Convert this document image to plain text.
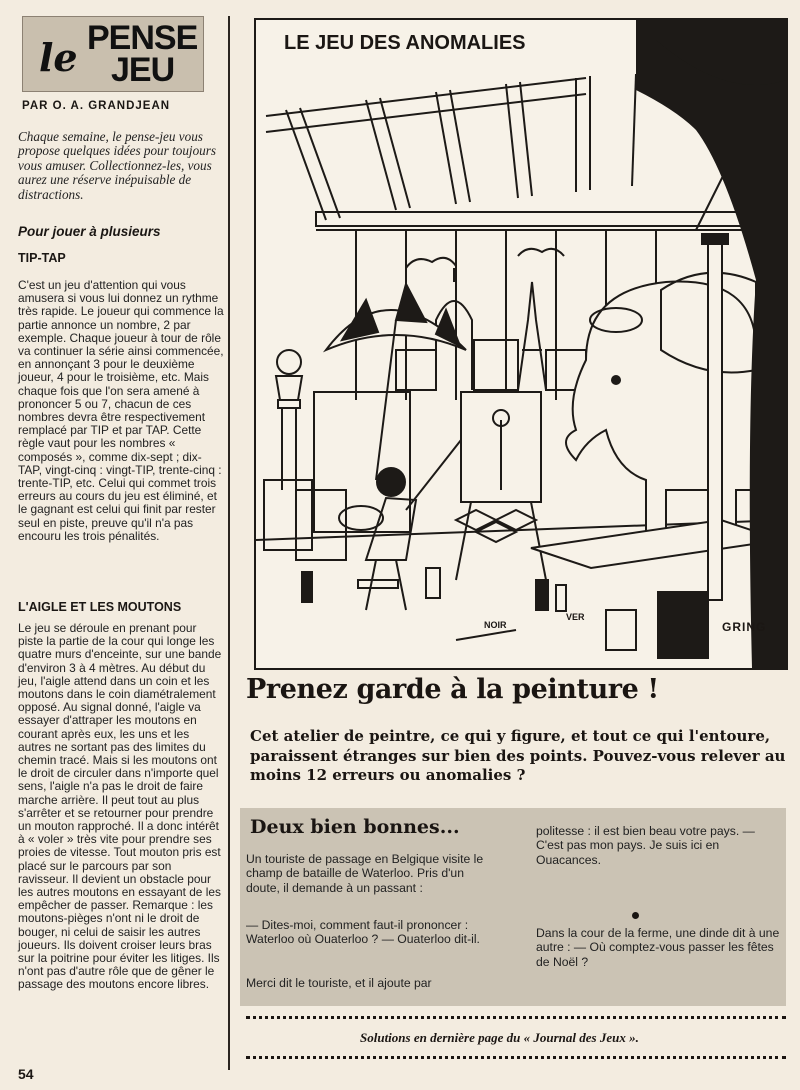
le PENSE
JEU
PAR O. A. GRANDJEAN

Chaque semaine, le pense-jeu vous propose quelques idées pour toujours vous amuser. Collectionnez-les, vous aurez une réserve inépuisable de distractions.

Pour jouer à plusieurs
TIP-TAP

C'est un jeu d'attention qui vous amusera si vous lui donnez un rythme très rapide. Le joueur qui commence la partie annonce un nombre, 2 par exemple. Chaque joueur à tour de rôle va continuer la série ainsi commencée, en annonçant 3 pour le deuxième joueur, 4 pour le troisième, etc. Mais chaque fois que l'on sera amené à prononcer 5 ou 7, chacun de ces nombres devra être respectivement remplacé par TIP et par TAP. Cette règle vaut pour les nombres « composés », comme dix-sept ; dix-TAP, vingt-cinq : vingt-TIP, trente-cinq : trente-TIP, etc. Celui qui commet trois erreurs au cours du jeu est éliminé, et le gagnant est celui qui finit par rester seul en piste, preuve qu'il n'a pas encouru les trois pénalités.

L'AIGLE ET LES MOUTONS

Le jeu se déroule en prenant pour piste la partie de la cour qui longe les quatre murs d'enceinte, sur une bande d'environ 3 à 4 mètres. Au début du jeu, l'aigle attend dans un coin et les moutons dans le coin diamétralement opposé. Au signal donné, l'aigle va essayer d'attraper les moutons en courant après eux, les uns et les autres ne sortant pas des limites du chemin tracé. Mais si les moutons ont le droit de circuler dans n'importe quel sens, l'aigle n'a pas le droit de faire marche arrière. Il peut tout au plus s'arrêter et se retourner pour prendre un mouton rapproché. Il a donc intérêt à « voler » très vite pour prendre ses proies de vitesse. Tout mouton pris est placé sur le parcours par son ravisseur. Il devient un obstacle pour les autres moutons en essayant de les empêcher de passer. Remarque : les moutons-pièges n'ont ni le droit de bouger, ni celui de saisir les autres joueurs. Ils doivent croiser leurs bras sur la poitrine pour éviter les litiges. Ils n'ont pas d'autre rôle que de gêner le passage des moutons encore libres.

54
LE JEU DES ANOMALIES
NOIR
VER
GRING
Prenez garde à la peinture !

Cet atelier de peintre, ce qui y figure, et tout ce qui l'entoure, paraissent étranges sur bien des points. Pouvez-vous relever au moins 12 erreurs ou anomalies ?

Deux bien bonnes...

Un touriste de passage en Belgique visite le champ de bataille de Waterloo. Pris d'un doute, il demande à un passant :

— Dites-moi, comment faut-il prononcer : Waterloo où Ouaterloo ? — Ouaterloo dit-il.

Merci dit le touriste, et il ajoute par

politesse : il est bien beau votre pays. — C'est pas mon pays. Je suis ici en Ouacances.

Dans la cour de la ferme, une dinde dit à une autre : — Où comptez-vous passer les fêtes de Noël ?

Solutions en dernière page du « Journal des Jeux ».
